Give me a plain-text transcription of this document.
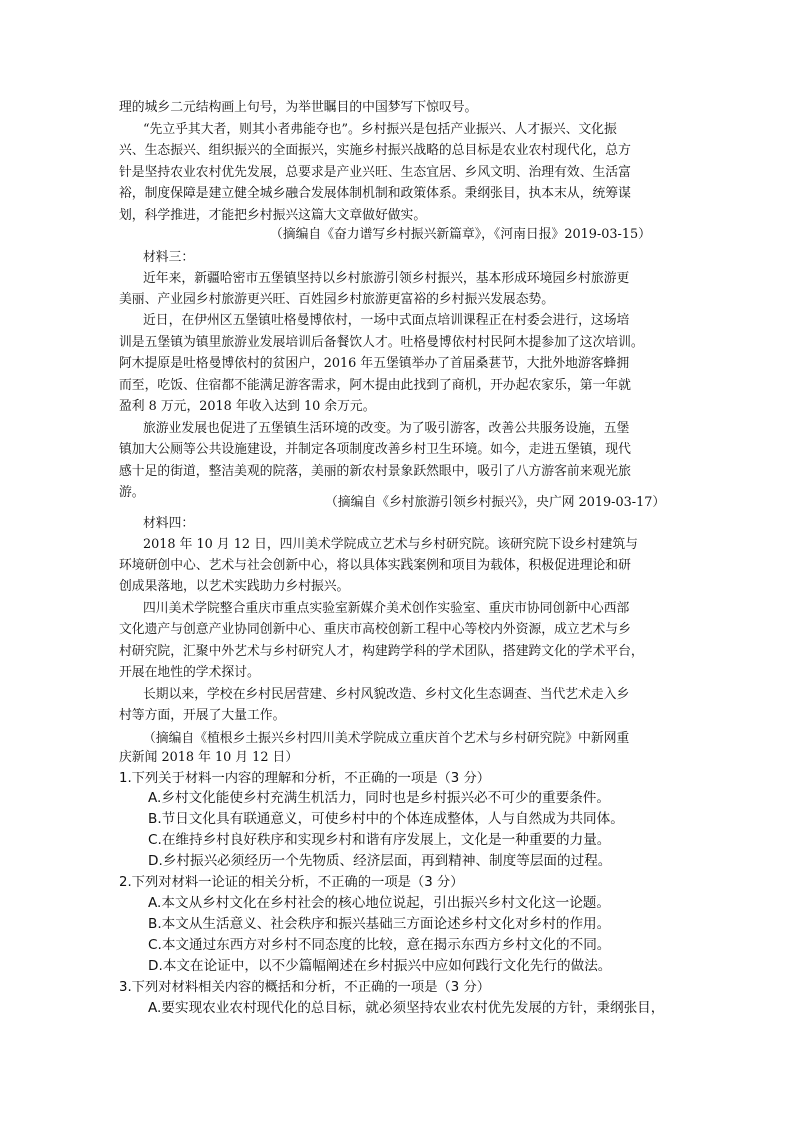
理的城乡二元结构画上句号，为举世瞩目的中国梦写下惊叹号。
“先立乎其大者，则其小者弗能夺也”。乡村振兴是包括产业振兴、人才振兴、文化振
兴、生态振兴、组织振兴的全面振兴，实施乡村振兴战略的总目标是农业农村现代化，总方
针是坚持农业农村优先发展，总要求是产业兴旺、生态宜居、乡风文明、治理有效、生活富
裕，制度保障是建立健全城乡融合发展体制机制和政策体系。秉纲张目，执本末从，统筹谋
划，科学推进，才能把乡村振兴这篇大文章做好做实。
（摘编自《奋力谱写乡村振兴新篇章》，《河南日报》2019-03-15）
材料三：
近年来，新疆哈密市五堡镇坚持以乡村旅游引领乡村振兴，基本形成环境园乡村旅游更
美丽、产业园乡村旅游更兴旺、百姓园乡村旅游更富裕的乡村振兴发展态势。
近日，在伊州区五堡镇吐格曼博依村，一场中式面点培训课程正在村委会进行，这场培
训是五堡镇为镇里旅游业发展培训后备餐饮人才。吐格曼博依村村民阿木提参加了这次培训。
阿木提原是吐格曼博依村的贫困户，2016 年五堡镇举办了首届桑葚节，大批外地游客蜂拥
而至，吃饭、住宿都不能满足游客需求，阿木提由此找到了商机，开办起农家乐，第一年就
盈利 8 万元，2018 年收入达到 10 余万元。
旅游业发展也促进了五堡镇生活环境的改变。为了吸引游客，改善公共服务设施，五堡
镇加大公厕等公共设施建设，并制定各项制度改善乡村卫生环境。如今，走进五堡镇，现代
感十足的街道，整洁美观的院落，美丽的新农村景象跃然眼中，吸引了八方游客前来观光旅
游。
（摘编自《乡村旅游引领乡村振兴》，央广网 2019-03-17）
材料四：
2018 年 10 月 12 日，四川美术学院成立艺术与乡村研究院。该研究院下设乡村建筑与
环境研创中心、艺术与社会创新中心，将以具体实践案例和项目为载体，积极促进理论和研
创成果落地，以艺术实践助力乡村振兴。
四川美术学院整合重庆市重点实验室新媒介美术创作实验室、重庆市协同创新中心西部
文化遗产与创意产业协同创新中心、重庆市高校创新工程中心等校内外资源，成立艺术与乡
村研究院，汇聚中外艺术与乡村研究人才，构建跨学科的学术团队，搭建跨文化的学术平台，
开展在地性的学术探讨。
长期以来，学校在乡村民居营建、乡村风貌改造、乡村文化生态调查、当代艺术走入乡
村等方面，开展了大量工作。
（摘编自《植根乡土振兴乡村四川美术学院成立重庆首个艺术与乡村研究院》中新网重
庆新闻 2018 年 10 月 12 日）
1.下列关于材料一内容的理解和分析，不正确的一项是（3 分）
A.乡村文化能使乡村充满生机活力，同时也是乡村振兴必不可少的重要条件。
B.节日文化具有联通意义，可使乡村中的个体连成整体，人与自然成为共同体。
C.在维持乡村良好秩序和实现乡村和谐有序发展上，文化是一种重要的力量。
D.乡村振兴必须经历一个先物质、经济层面，再到精神、制度等层面的过程。
2.下列对材料一论证的相关分析，不正确的一项是（3 分）
A.本文从乡村文化在乡村社会的核心地位说起，引出振兴乡村文化这一论题。
B.本文从生活意义、社会秩序和振兴基础三方面论述乡村文化对乡村的作用。
C.本文通过东西方对乡村不同态度的比较，意在揭示东西方乡村文化的不同。
D.本文在论证中，以不少篇幅阐述在乡村振兴中应如何践行文化先行的做法。
3.下列对材料相关内容的概括和分析，不正确的一项是（3 分）
A.要实现农业农村现代化的总目标，就必须坚持农业农村优先发展的方针，秉纲张目，
